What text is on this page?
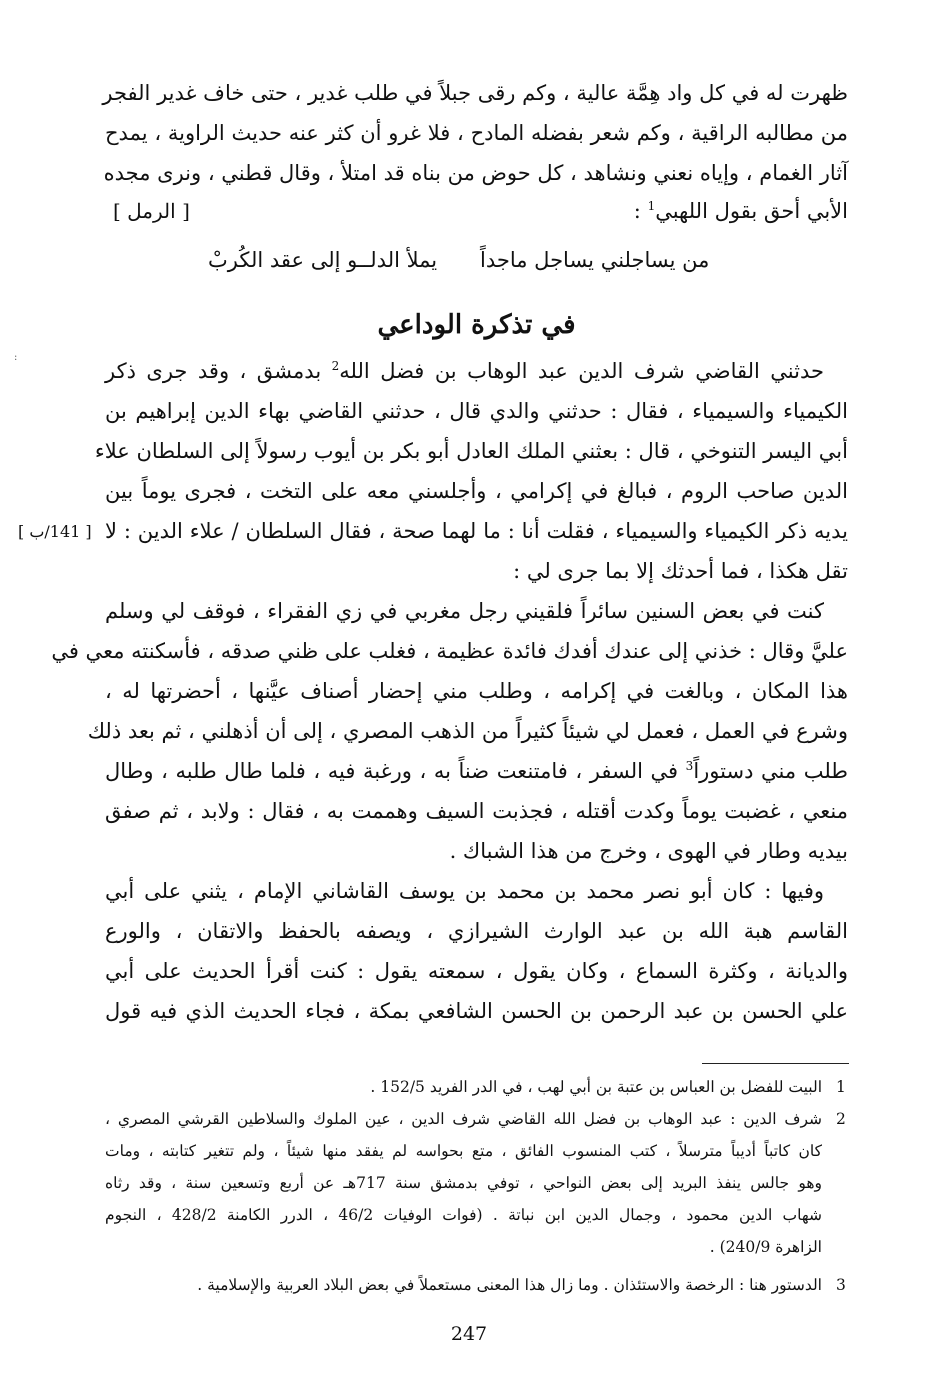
ظهرت له في كل واد هِمَّة عالية ، وكم رقى جبلاً في طلب غدير ، حتى خاف غدير الفجر
من مطالبه الراقية ، وكم شعر بفضله المادح ، فلا غرو أن كثر عنه حديث الراوية ، يمدح
آثار الغمام ، وإياه نعني ونشاهد ، كل حوض من بناه قد امتلأ ، وقال قطني ، ونرى مجده
الأبي أحق بقول اللهبي$^1$ :
[ الرمل ]
من يساجلني يساجل ماجداً
يملأ الدلــو إلى عقد الكُربْ
في تذكرة الوداعي
حدثني القاضي شرف الدين عبد الوهاب بن فضل الله$^2$ بدمشق ، وقد جرى ذكر
الكيمياء والسيمياء ، فقال : حدثني والدي قال ، حدثني القاضي بهاء الدين إبراهيم بن
أبي اليسر التنوخي ، قال : بعثني الملك العادل أبو بكر بن أيوب رسولاً إلى السلطان علاء
الدين صاحب الروم ، فبالغ في إكرامي ، وأجلسني معه على التخت ، فجرى يوماً بين
يديه ذكر الكيمياء والسيمياء ، فقلت أنا : ما لهما صحة ، فقال السلطان / علاء الدين : لا
تقل هكذا ، فما أحدثك إلا بما جرى لي :
[ 141/ب ]
:
كنت في بعض السنين سائراً فلقيني رجل مغربي في زي الفقراء ، فوقف لي وسلم
عليَّ وقال : خذني إلى عندك أفدك فائدة عظيمة ، فغلب على ظني صدقه ، فأسكنته معي في
هذا المكان ، وبالغت في إكرامه ، وطلب مني إحضار أصناف عيَّنها ، أحضرتها له ،
وشرع في العمل ، فعمل لي شيئاً كثيراً من الذهب المصري ، إلى أن أذهلني ، ثم بعد ذلك
طلب مني دستوراً$^3$ في السفر ، فامتنعت ضناً به ، ورغبة فيه ، فلما طال طلبه ، وطال
منعي ، غضبت يوماً وكدت أقتله ، فجذبت السيف وهممت به ، فقال : ولابد ، ثم صفق
بيديه وطار في الهوى ، وخرج من هذا الشباك .
وفيها : كان أبو نصر محمد بن محمد بن يوسف القاشاني الإمام ، يثني على أبي
القاسم هبة الله بن عبد الوارث الشيرازي ، ويصفه بالحفظ والاتقان ، والورع
والديانة ، وكثرة السماع ، وكان يقول ، سمعته يقول : كنت أقرأ الحديث على أبي
علي الحسن بن عبد الرحمن بن الحسن الشافعي بمكة ، فجاء الحديث الذي فيه قول
1
البيت للفضل بن العباس بن عتبة بن أبي لهب ، في الدر الفريد 152/5 .
2
شرف الدين : عبد الوهاب بن فضل الله القاضي شرف الدين ، عين الملوك والسلاطين القرشي المصري ،
كان كاتباً أديباً مترسلاً ، كتب المنسوب الفائق ، متع بحواسه لم يفقد منها شيئاً ، ولم تتغير كتابته ، ومات
وهو جالس ينفذ البريد إلى بعض النواحي ، توفي بدمشق سنة 717هـ عن أربع وتسعين سنة ، وقد رثاه
شهاب الدين محمود ، وجمال الدين ابن نباتة . (فوات الوفيات 46/2 ، الدرر الكامنة 428/2 ، النجوم
الزاهرة 240/9) .
3
الدستور هنا : الرخصة والاستئذان . وما زال هذا المعنى مستعملاً في بعض البلاد العربية والإسلامية .
247
